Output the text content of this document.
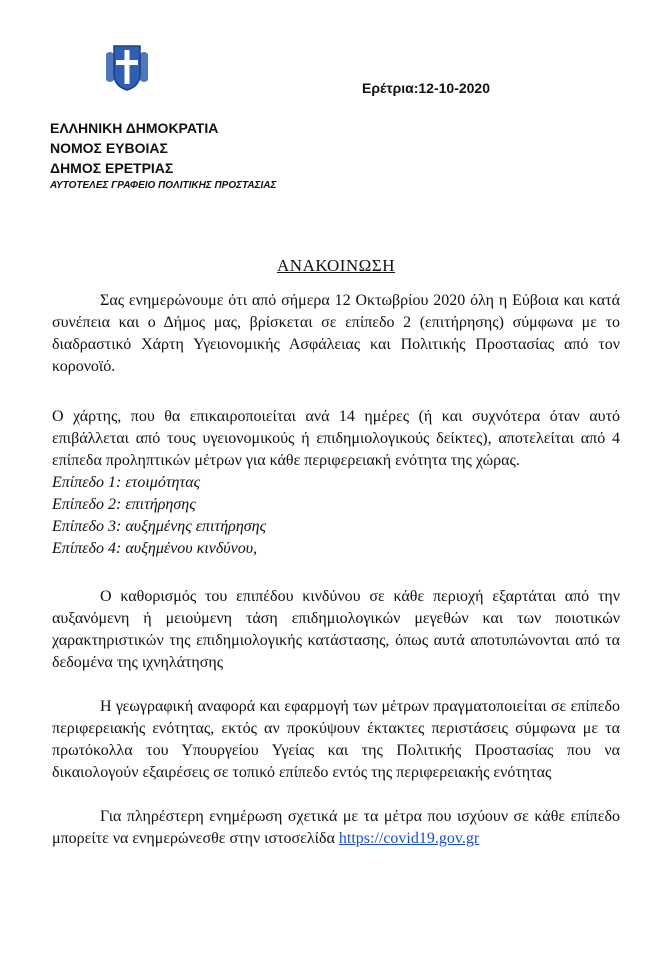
Ερέτρια:12-10-2020
ΕΛΛΗΝΙΚΗ ΔΗΜΟΚΡΑΤΙΑ
ΝΟΜΟΣ ΕΥΒΟΙΑΣ
ΔΗΜΟΣ ΕΡΕΤΡΙΑΣ
ΑΥΤΟΤΕΛΕΣ ΓΡΑΦΕΙΟ ΠΟΛΙΤΙΚΗΣ ΠΡΟΣΤΑΣΙΑΣ
ΑΝΑΚΟΙΝΩΣΗ

Σας ενημερώνουμε ότι από σήμερα 12 Οκτωβρίου 2020 όλη η Εύβοια και κατά συνέπεια και ο Δήμος μας, βρίσκεται σε επίπεδο 2 (επιτήρησης) σύμφωνα με το διαδραστικό Χάρτη Υγειονομικής Ασφάλειας και Πολιτικής Προστασίας από τον κορονοϊό.

Ο χάρτης, που θα επικαιροποιείται ανά 14 ημέρες (ή και συχνότερα όταν αυτό επιβάλλεται από τους υγειονομικούς ή επιδημιολογικούς δείκτες), αποτελείται από 4 επίπεδα προληπτικών μέτρων για κάθε περιφερειακή ενότητα της χώρας.

Επίπεδο 1: ετοιμότητας
Επίπεδο 2: επιτήρησης
Επίπεδο 3: αυξημένης επιτήρησης
Επίπεδο 4: αυξημένου κινδύνου,

Ο καθορισμός του επιπέδου κινδύνου σε κάθε περιοχή εξαρτάται από την αυξανόμενη ή μειούμενη τάση επιδημιολογικών μεγεθών και των ποιοτικών χαρακτηριστικών της επιδημιολογικής κατάστασης, όπως αυτά αποτυπώνονται από τα δεδομένα της ιχνηλάτησης

Η γεωγραφική αναφορά και εφαρμογή των μέτρων πραγματοποιείται σε επίπεδο περιφερειακής ενότητας, εκτός αν προκύψουν έκτακτες περιστάσεις σύμφωνα με τα πρωτόκολλα του Υπουργείου Υγείας και της Πολιτικής Προστασίας που να δικαιολογούν εξαιρέσεις σε τοπικό επίπεδο εντός της περιφερειακής ενότητας

Για πληρέστερη ενημέρωση σχετικά με τα μέτρα που ισχύουν σε κάθε επίπεδο μπορείτε να ενημερώνεσθε στην ιστοσελίδα https://covid19.gov.gr
